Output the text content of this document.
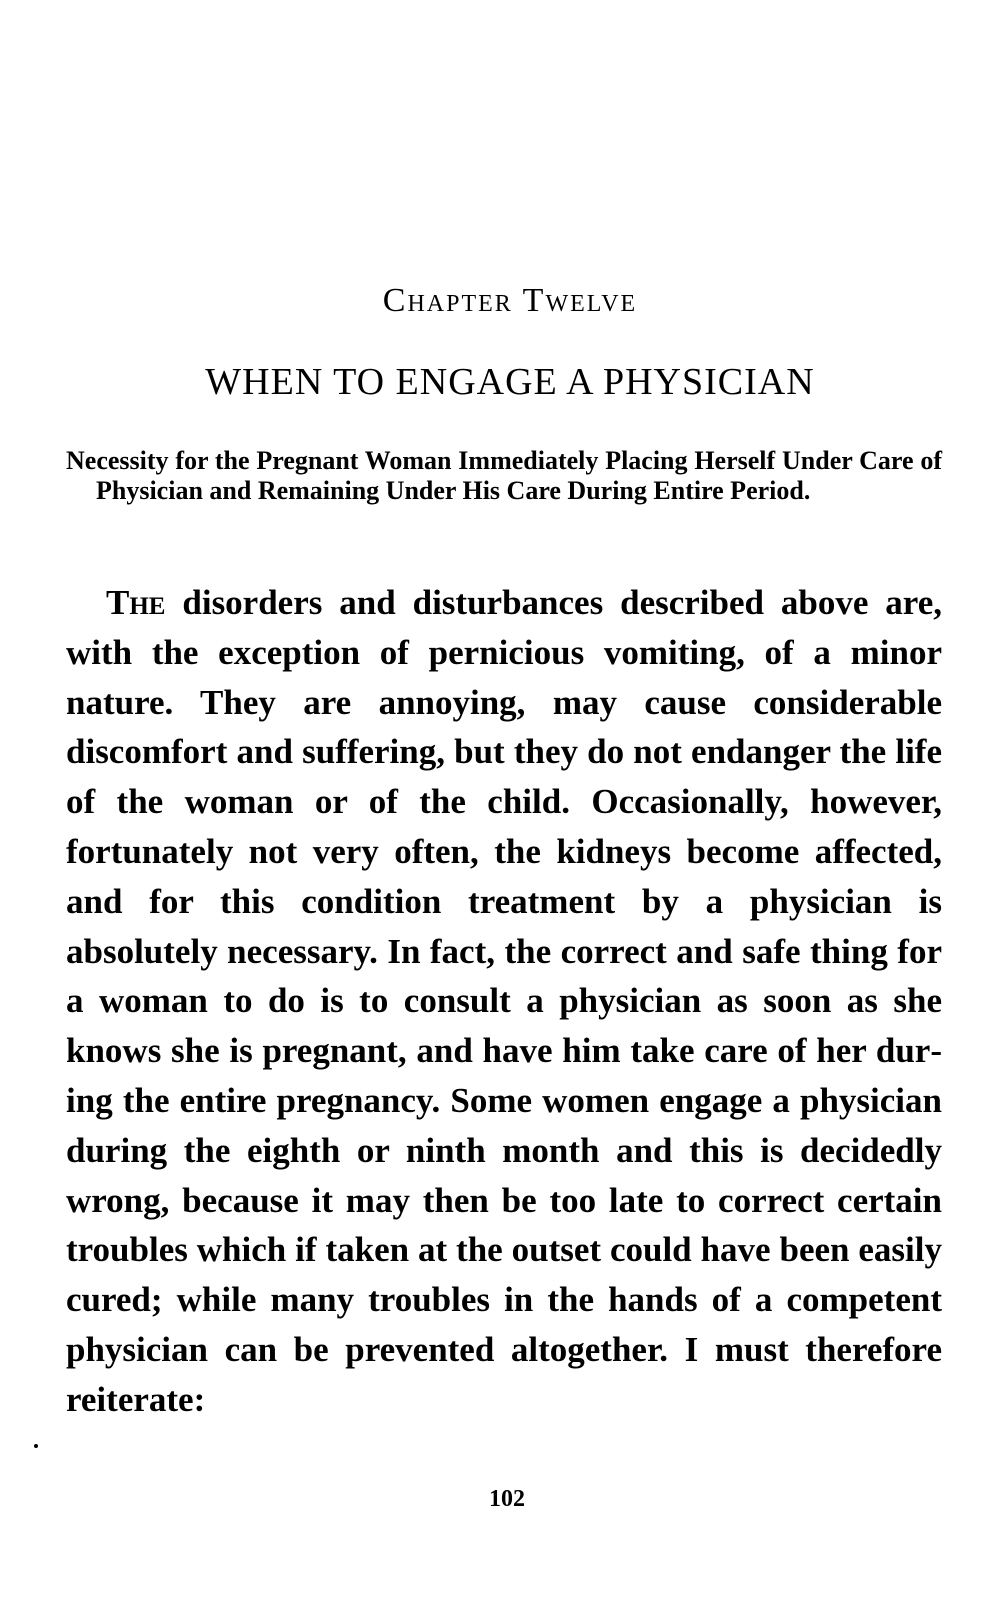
Chapter Twelve
WHEN TO ENGAGE A PHYSICIAN
Necessity for the Pregnant Woman Immediately Placing Herself Under Care of Physician and Remaining Under His Care During Entire Period.
The disorders and disturbances described above are, with the exception of pernicious vomiting, of a minor nature. They are annoying, may cause considerable discomfort and suffering, but they do not endanger the life of the woman or of the child. Occasionally, however, fortunately not very often, the kidneys become affected, and for this condition treatment by a physician is absolutely necessary. In fact, the correct and safe thing for a woman to do is to consult a physician as soon as she knows she is pregnant, and have him take care of her during the entire pregnancy. Some women engage a physician during the eighth or ninth month and this is decidedly wrong, because it may then be too late to correct certain troubles which if taken at the outset could have been easily cured; while many troubles in the hands of a competent physician can be prevented altogether. I must therefore reiterate:
102
